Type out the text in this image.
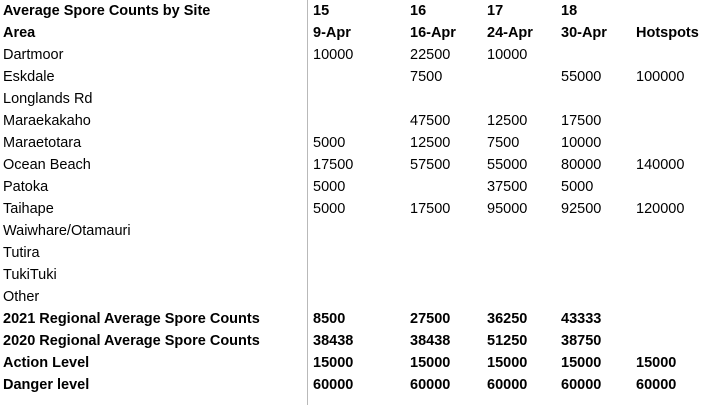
Average Spore Counts by Site	15	16	17	18	
Area	9-Apr	16-Apr	24-Apr	30-Apr	Hotspots
Dartmoor	10000	22500	10000		
Eskdale		7500		55000	100000
Longlands Rd					
Maraekakaho		47500	12500	17500	
Maraetotara	5000	12500	7500	10000	
Ocean Beach	17500	57500	55000	80000	140000
Patoka	5000		37500	5000	
Taihape	5000	17500	95000	92500	120000
Waiwhare/Otamauri					
Tutira					
TukiTuki					
Other					
2021 Regional Average Spore Counts	8500	27500	36250	43333	
2020 Regional Average Spore Counts	38438	38438	51250	38750	
Action Level	15000	15000	15000	15000	15000
Danger level	60000	60000	60000	60000	60000
